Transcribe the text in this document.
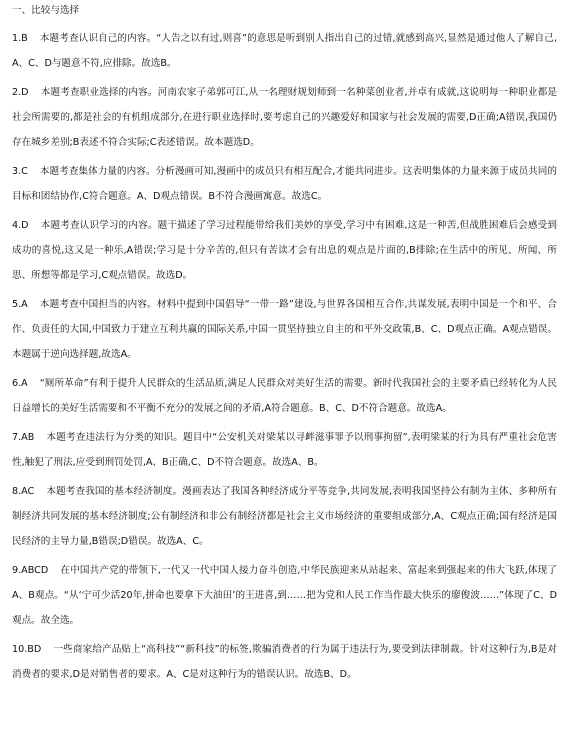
一、比较与选择

1.B 本题考查认识自己的内容。“人告之以有过,则喜”的意思是听到别人指出自己的过错,就感到高兴,显然是通过他人了解自己,A、C、D与题意不符,应排除。故选B。

2.D 本题考查职业选择的内容。河南农家子弟郭可江,从一名理财规划师到一名种菜创业者,并卓有成就,这说明每一种职业都是社会所需要的,都是社会的有机组成部分,在进行职业选择时,要考虑自己的兴趣爱好和国家与社会发展的需要,D正确;A错误,我国仍存在城乡差别;B表述不符合实际;C表述错误。故本题选D。

3.C 本题考查集体力量的内容。分析漫画可知,漫画中的成员只有相互配合,才能共同进步。这表明集体的力量来源于成员共同的目标和团结协作,C符合题意。A、D观点错误。B不符合漫画寓意。故选C。

4.D 本题考查认识学习的内容。题干描述了学习过程能带给我们美妙的享受,学习中有困难,这是一种苦,但战胜困难后会感受到成功的喜悦,这又是一种乐,A错误;学习是十分辛苦的,但只有苦读才会有出息的观点是片面的,B排除;在生活中的所见、所闻、所思、所想等都是学习,C观点错误。故选D。

5.A 本题考查中国担当的内容。材料中提到中国倡导“一带一路”建设,与世界各国相互合作,共谋发展,表明中国是一个和平、合作、负责任的大国,中国致力于建立互利共赢的国际关系,中国一贯坚持独立自主的和平外交政策,B、C、D观点正确。A观点错误。本题属于逆向选择题,故选A。

6.A “厕所革命”有利于提升人民群众的生活品质,满足人民群众对美好生活的需要。新时代我国社会的主要矛盾已经转化为人民日益增长的美好生活需要和不平衡不充分的发展之间的矛盾,A符合题意。B、C、D不符合题意。故选A。

7.AB 本题考查违法行为分类的知识。题目中“公安机关对梁某以寻衅滋事罪予以刑事拘留”,表明梁某的行为具有严重社会危害性,触犯了刑法,应受到刑罚处罚,A、B正确,C、D不符合题意。故选A、B。

8.AC 本题考查我国的基本经济制度。漫画表达了我国各种经济成分平等竞争,共同发展,表明我国坚持公有制为主体、多种所有制经济共同发展的基本经济制度;公有制经济和非公有制经济都是社会主义市场经济的重要组成部分,A、C观点正确;国有经济是国民经济的主导力量,B错误;D错误。故选A、C。

9.ABCD 在中国共产党的带领下,一代又一代中国人接力奋斗创造,中华民族迎来从站起来、富起来到强起来的伟大飞跃,体现了A、B观点。“从‘宁可少活20年,拼命也要拿下大油田’的王进喜,到……把为党和人民工作当作最大快乐的廖俊波……”体现了C、D观点。故全选。

10.BD 一些商家给产品贴上“高科技”“新科技”的标签,欺骗消费者的行为属于违法行为,要受到法律制裁。针对这种行为,B是对消费者的要求,D是对销售者的要求。A、C是对这种行为的错误认识。故选B、D。
